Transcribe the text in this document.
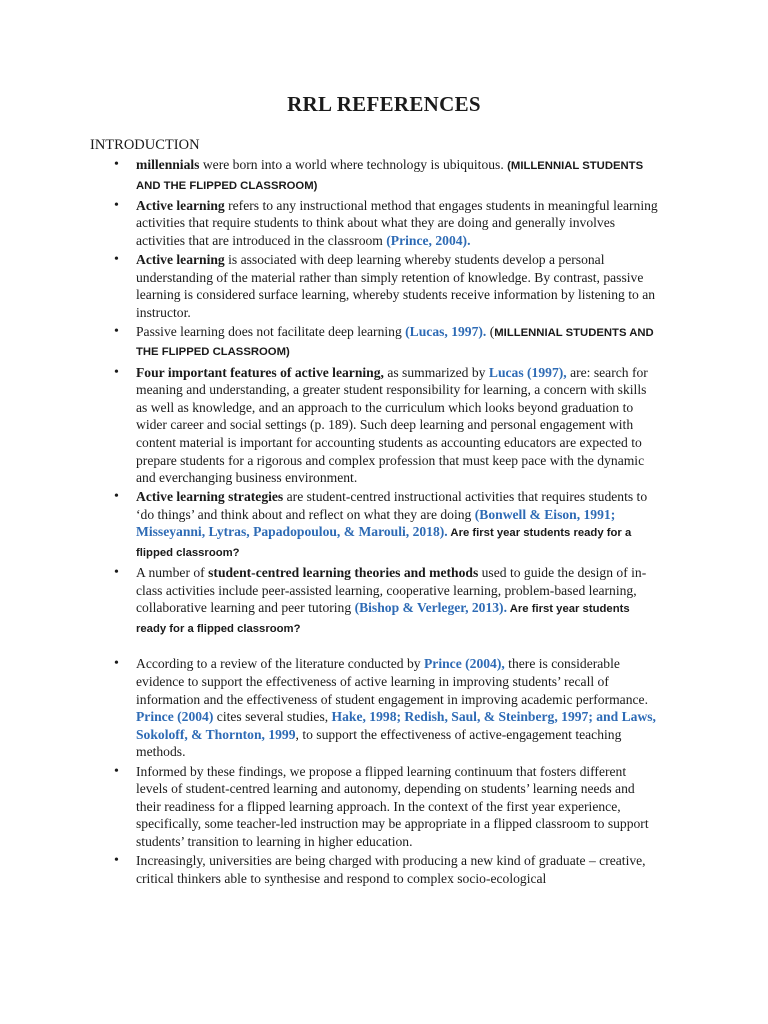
RRL REFERENCES
INTRODUCTION
• millennials were born into a world where technology is ubiquitous. (MILLENNIAL STUDENTS AND THE FLIPPED CLASSROOM)
• Active learning refers to any instructional method that engages students in meaningful learning activities that require students to think about what they are doing and generally involves activities that are introduced in the classroom (Prince, 2004).
• Active learning is associated with deep learning whereby students develop a personal understanding of the material rather than simply retention of knowledge. By contrast, passive learning is considered surface learning, whereby students receive information by listening to an instructor.
• Passive learning does not facilitate deep learning (Lucas, 1997). (MILLENNIAL STUDENTS AND THE FLIPPED CLASSROOM)
• Four important features of active learning, as summarized by Lucas (1997), are: search for meaning and understanding, a greater student responsibility for learning, a concern with skills as well as knowledge, and an approach to the curriculum which looks beyond graduation to wider career and social settings (p. 189). Such deep learning and personal engagement with content material is important for accounting students as accounting educators are expected to prepare students for a rigorous and complex profession that must keep pace with the dynamic and everchanging business environment.
• Active learning strategies are student-centred instructional activities that requires students to ‘do things’ and think about and reflect on what they are doing (Bonwell & Eison, 1991; Misseyanni, Lytras, Papadopoulou, & Marouli, 2018). Are first year students ready for a flipped classroom?
• A number of student-centred learning theories and methods used to guide the design of in-class activities include peer-assisted learning, cooperative learning, problem-based learning, collaborative learning and peer tutoring (Bishop & Verleger, 2013). Are first year students ready for a flipped classroom?
• According to a review of the literature conducted by Prince (2004), there is considerable evidence to support the effectiveness of active learning in improving students’ recall of information and the effectiveness of student engagement in improving academic performance. Prince (2004) cites several studies, Hake, 1998; Redish, Saul, & Steinberg, 1997; and Laws, Sokoloff, & Thornton, 1999, to support the effectiveness of active-engagement teaching methods.
• Informed by these findings, we propose a flipped learning continuum that fosters different levels of student-centred learning and autonomy, depending on students’ learning needs and their readiness for a flipped learning approach. In the context of the first year experience, specifically, some teacher-led instruction may be appropriate in a flipped classroom to support students’ transition to learning in higher education.
• Increasingly, universities are being charged with producing a new kind of graduate – creative, critical thinkers able to synthesise and respond to complex socio-ecological
